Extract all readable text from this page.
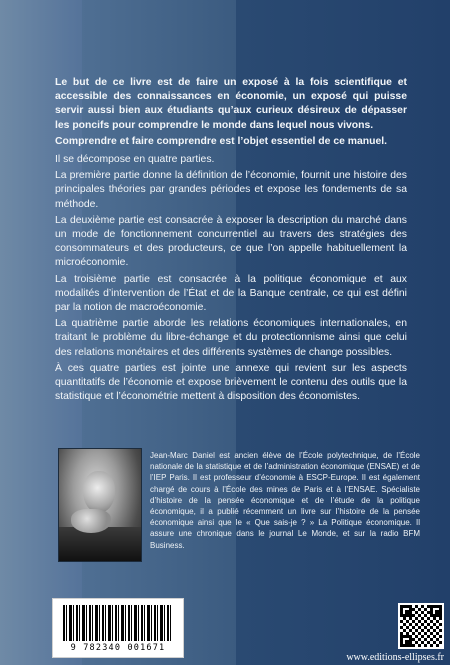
Le but de ce livre est de faire un exposé à la fois scientifique et accessible des connaissances en économie, un exposé qui puisse servir aussi bien aux étudiants qu’aux curieux désireux de dépasser les poncifs pour comprendre le monde dans lequel nous vivons.

Comprendre et faire comprendre est l’objet essentiel de ce manuel.

Il se décompose en quatre parties.

La première partie donne la définition de l’économie, fournit une histoire des principales théories par grandes périodes et expose les fondements de sa méthode.

La deuxième partie est consacrée à exposer la description du marché dans un mode de fonctionnement concurrentiel au travers des stratégies des consommateurs et des producteurs, ce que l’on appelle habituellement la microéconomie.

La troisième partie est consacrée à la politique économique et aux modalités d’intervention de l’État et de la Banque centrale, ce qui est défini par la notion de macroéconomie.

La quatrième partie aborde les relations économiques internationales, en traitant le problème du libre-échange et du protectionnisme ainsi que celui des relations monétaires et des différents systèmes de change possibles.

À ces quatre parties est jointe une annexe qui revient sur les aspects quantitatifs de l’économie et expose brièvement le contenu des outils que la statistique et l’économétrie mettent à disposition des économistes.

Jean-Marc Daniel est ancien élève de l’École polytechnique, de l’École nationale de la statistique et de l’administration économique (ENSAE) et de l’IEP Paris. Il est professeur d’économie à ESCP-Europe. Il est également chargé de cours à l’École des mines de Paris et à l’ENSAE. Spécialiste d’histoire de la pensée économique et de l’étude de la politique économique, il a publié récemment un livre sur l’histoire de la pensée économique ainsi que le « Que sais-je ? » La Politique économique. Il assure une chronique dans le journal Le Monde, et sur la radio BFM Business.
9 782340 001671
www.editions-ellipses.fr
